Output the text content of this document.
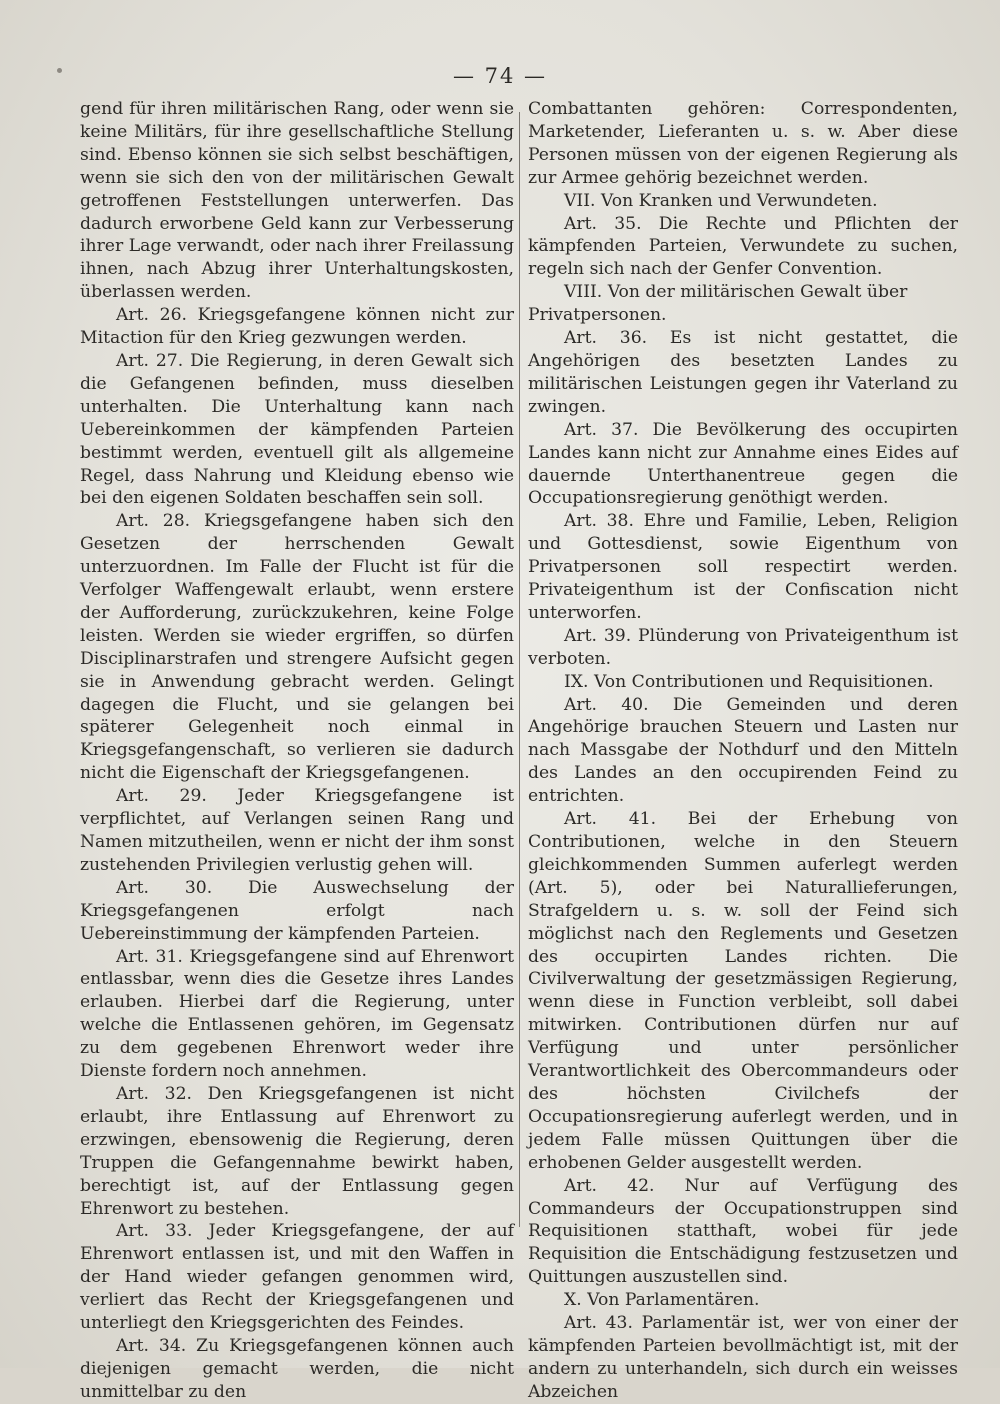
— 74 —

gend für ihren militärischen Rang, oder wenn sie keine Militärs, für ihre gesellschaftliche Stellung sind. Ebenso können sie sich selbst beschäftigen, wenn sie sich den von der militärischen Gewalt getroffenen Feststellungen unterwerfen. Das dadurch erworbene Geld kann zur Verbesserung ihrer Lage verwandt, oder nach ihrer Freilassung ihnen, nach Abzug ihrer Unterhaltungskosten, überlassen werden.

Art. 26. Kriegsgefangene können nicht zur Mitaction für den Krieg gezwungen werden.

Art. 27. Die Regierung, in deren Gewalt sich die Gefangenen befinden, muss dieselben unterhalten. Die Unterhaltung kann nach Uebereinkommen der kämpfenden Parteien bestimmt werden, eventuell gilt als allgemeine Regel, dass Nahrung und Kleidung ebenso wie bei den eigenen Soldaten beschaffen sein soll.

Art. 28. Kriegsgefangene haben sich den Gesetzen der herrschenden Gewalt unterzuordnen. Im Falle der Flucht ist für die Verfolger Waffengewalt erlaubt, wenn erstere der Aufforderung, zurückzukehren, keine Folge leisten. Werden sie wieder ergriffen, so dürfen Disciplinarstrafen und strengere Aufsicht gegen sie in Anwendung gebracht werden. Gelingt dagegen die Flucht, und sie gelangen bei späterer Gelegenheit noch einmal in Kriegsgefangenschaft, so verlieren sie dadurch nicht die Eigenschaft der Kriegsgefangenen.

Art. 29. Jeder Kriegsgefangene ist verpflichtet, auf Verlangen seinen Rang und Namen mitzutheilen, wenn er nicht der ihm sonst zustehenden Privilegien verlustig gehen will.

Art. 30. Die Auswechselung der Kriegsgefangenen erfolgt nach Uebereinstimmung der kämpfenden Parteien.

Art. 31. Kriegsgefangene sind auf Ehrenwort entlassbar, wenn dies die Gesetze ihres Landes erlauben. Hierbei darf die Regierung, unter welche die Entlassenen gehören, im Gegensatz zu dem gegebenen Ehrenwort weder ihre Dienste fordern noch annehmen.

Art. 32. Den Kriegsgefangenen ist nicht erlaubt, ihre Entlassung auf Ehrenwort zu erzwingen, ebensowenig die Regierung, deren Truppen die Gefangennahme bewirkt haben, berechtigt ist, auf der Entlassung gegen Ehrenwort zu bestehen.

Art. 33. Jeder Kriegsgefangene, der auf Ehrenwort entlassen ist, und mit den Waffen in der Hand wieder gefangen genommen wird, verliert das Recht der Kriegsgefangenen und unterliegt den Kriegsgerichten des Feindes.

Art. 34. Zu Kriegsgefangenen können auch diejenigen gemacht werden, die nicht unmittelbar zu den

Combattanten gehören: Correspondenten, Marketender, Lieferanten u. s. w. Aber diese Personen müssen von der eigenen Regierung als zur Armee gehörig bezeichnet werden.

VII. Von Kranken und Verwundeten.

Art. 35. Die Rechte und Pflichten der kämpfenden Parteien, Verwundete zu suchen, regeln sich nach der Genfer Convention.

VIII. Von der militärischen Gewalt über Privatpersonen.

Art. 36. Es ist nicht gestattet, die Angehörigen des besetzten Landes zu militärischen Leistungen gegen ihr Vaterland zu zwingen.

Art. 37. Die Bevölkerung des occupirten Landes kann nicht zur Annahme eines Eides auf dauernde Unterthanentreue gegen die Occupationsregierung genöthigt werden.

Art. 38. Ehre und Familie, Leben, Religion und Gottesdienst, sowie Eigenthum von Privatpersonen soll respectirt werden. Privateigenthum ist der Confiscation nicht unterworfen.

Art. 39. Plünderung von Privateigenthum ist verboten.

IX. Von Contributionen und Requisitionen.

Art. 40. Die Gemeinden und deren Angehörige brauchen Steuern und Lasten nur nach Massgabe der Nothdurf und den Mitteln des Landes an den occupirenden Feind zu entrichten.

Art. 41. Bei der Erhebung von Contributionen, welche in den Steuern gleichkommenden Summen auferlegt werden (Art. 5), oder bei Naturallieferungen, Strafgeldern u. s. w. soll der Feind sich möglichst nach den Reglements und Gesetzen des occupirten Landes richten. Die Civilverwaltung der gesetzmässigen Regierung, wenn diese in Function verbleibt, soll dabei mitwirken. Contributionen dürfen nur auf Verfügung und unter persönlicher Verantwortlichkeit des Obercommandeurs oder des höchsten Civilchefs der Occupationsregierung auferlegt werden, und in jedem Falle müssen Quittungen über die erhobenen Gelder ausgestellt werden.

Art. 42. Nur auf Verfügung des Commandeurs der Occupationstruppen sind Requisitionen statthaft, wobei für jede Requisition die Entschädigung festzusetzen und Quittungen auszustellen sind.

X. Von Parlamentären.

Art. 43. Parlamentär ist, wer von einer der kämpfenden Parteien bevollmächtigt ist, mit der andern zu unterhandeln, sich durch ein weisses Abzeichen
